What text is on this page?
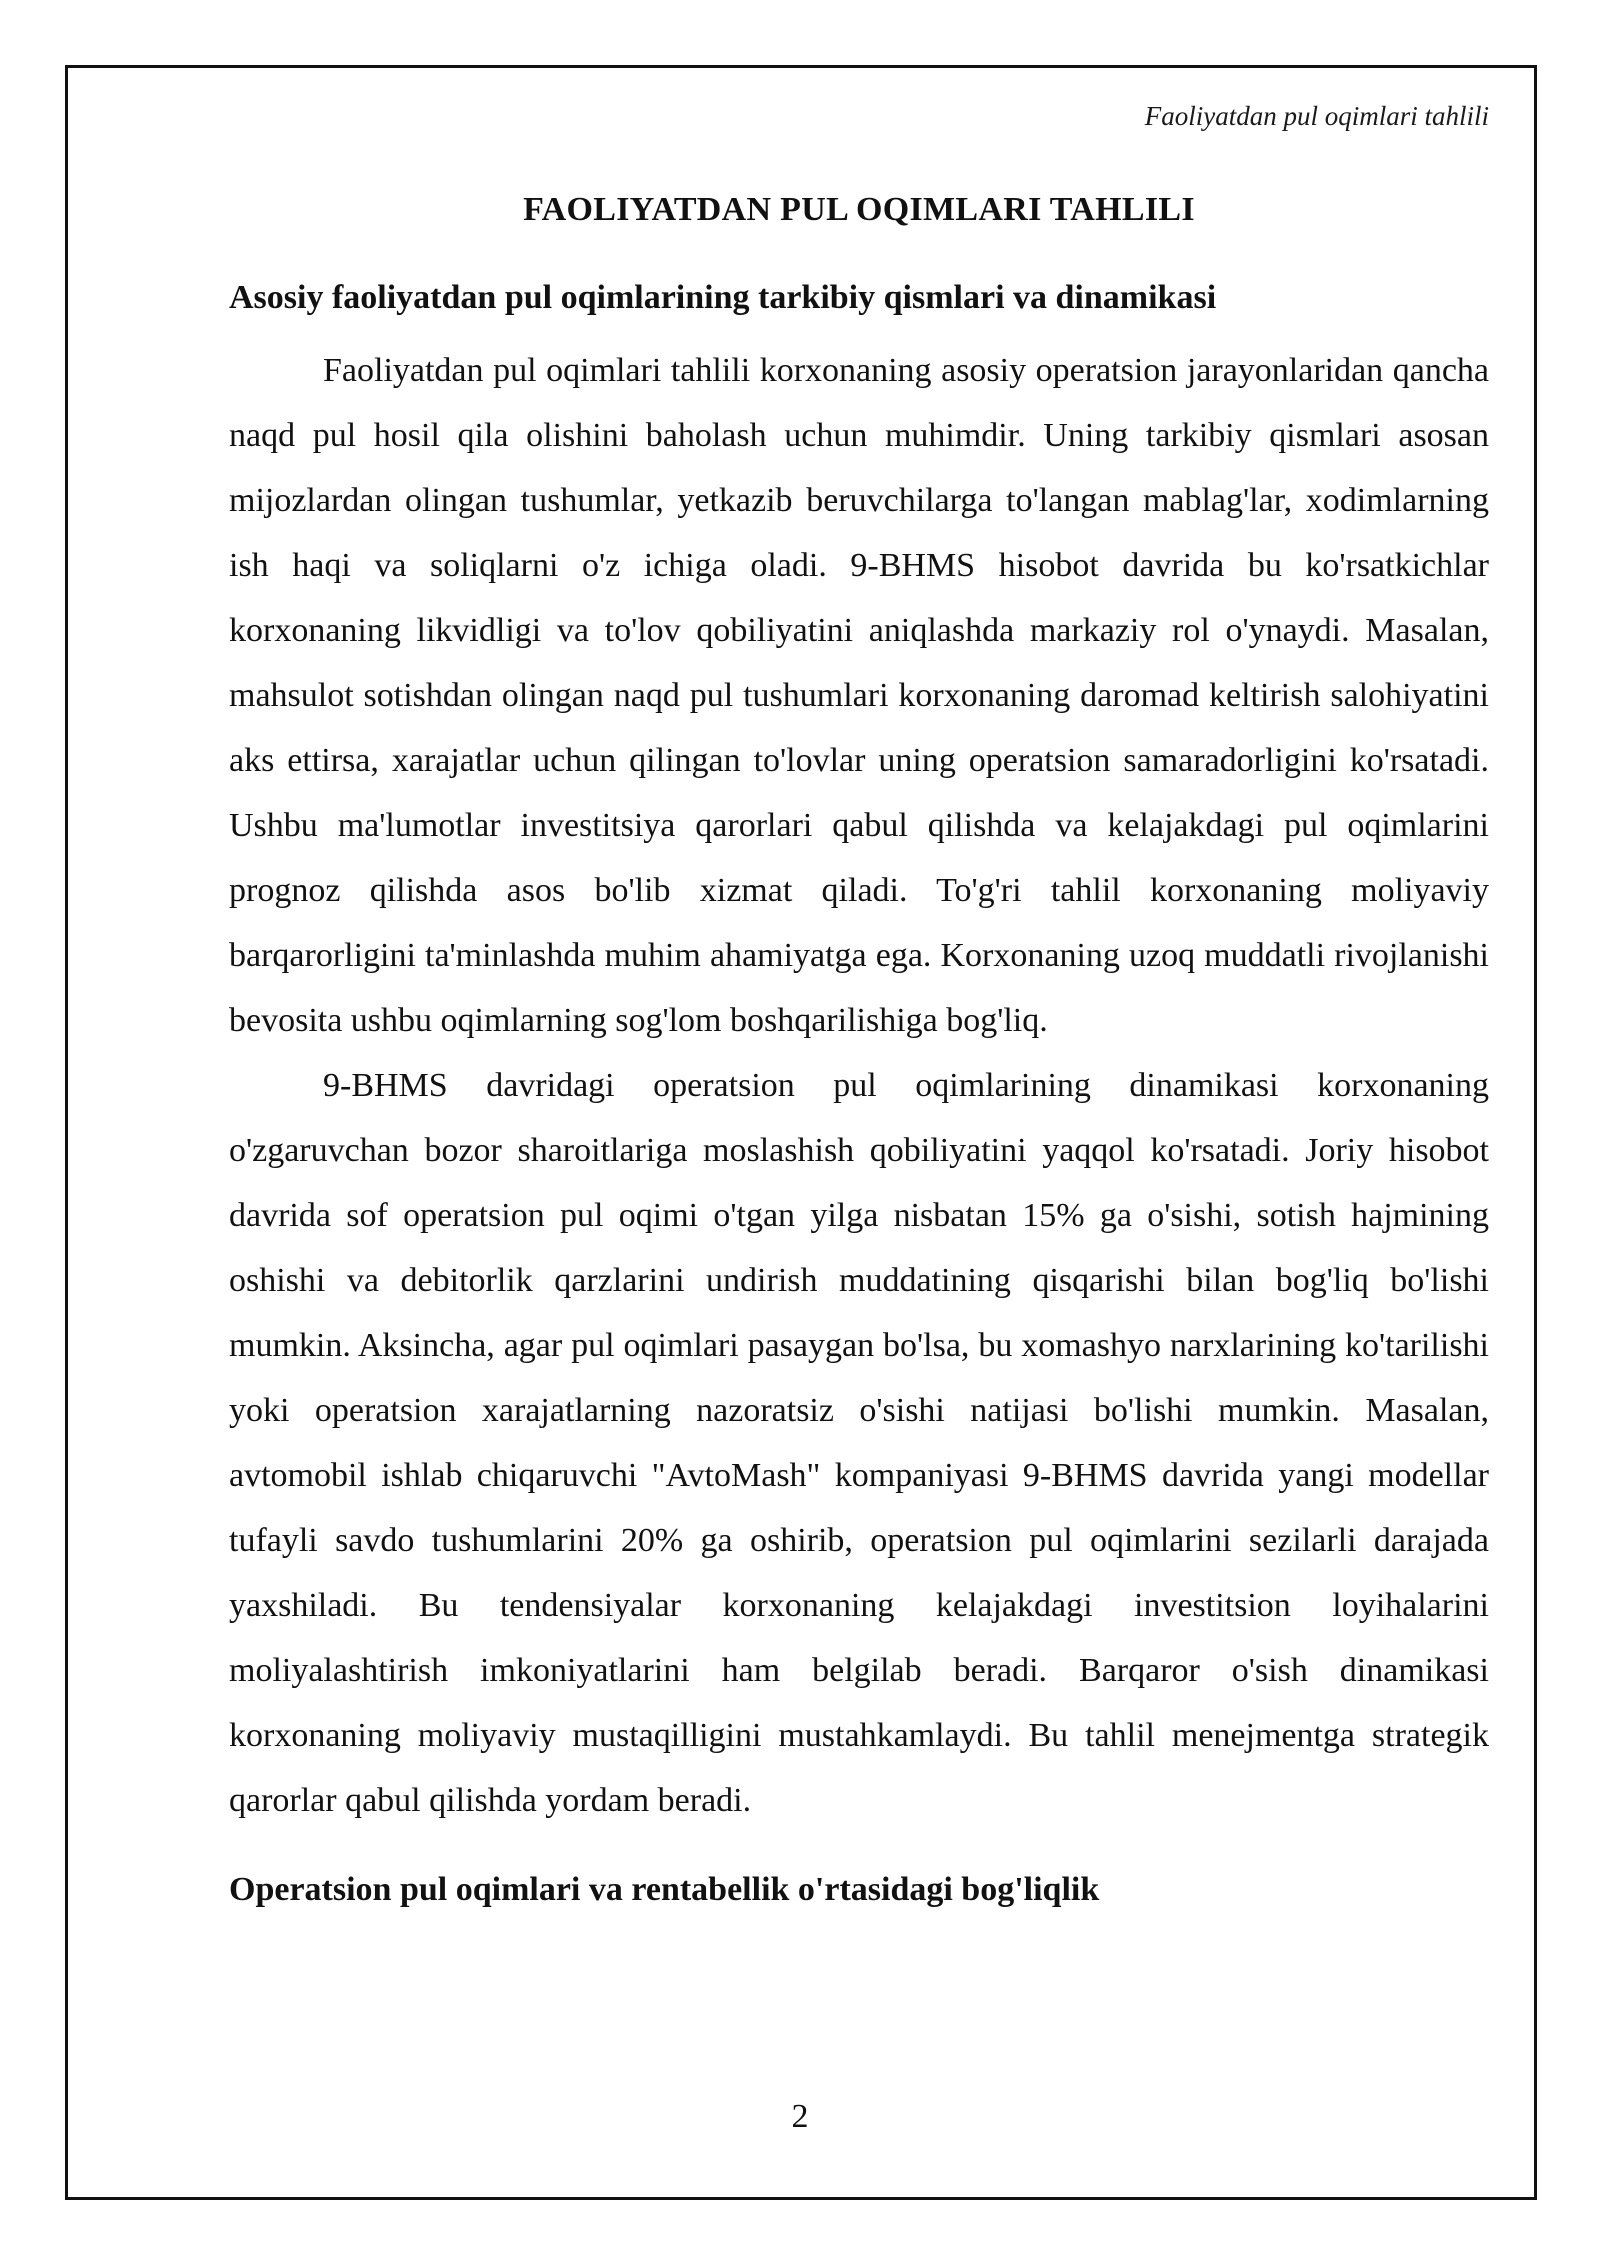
Faoliyatdan pul oqimlari tahlili
FAOLIYATDAN PUL OQIMLARI TAHLILI
Asosiy faoliyatdan pul oqimlarining tarkibiy qismlari va dinamikasi

Faoliyatdan pul oqimlari tahlili korxonaning asosiy operatsion jarayonlaridan qancha naqd pul hosil qila olishini baholash uchun muhimdir. Uning tarkibiy qismlari asosan mijozlardan olingan tushumlar, yetkazib beruvchilarga to'langan mablag'lar, xodimlarning ish haqi va soliqlarni o'z ichiga oladi. 9-BHMS hisobot davrida bu ko'rsatkichlar korxonaning likvidligi va to'lov qobiliyatini aniqlashda markaziy rol o'ynaydi. Masalan, mahsulot sotishdan olingan naqd pul tushumlari korxonaning daromad keltirish salohiyatini aks ettirsa, xarajatlar uchun qilingan to'lovlar uning operatsion samaradorligini ko'rsatadi. Ushbu ma'lumotlar investitsiya qarorlari qabul qilishda va kelajakdagi pul oqimlarini prognoz qilishda asos bo'lib xizmat qiladi. To'g'ri tahlil korxonaning moliyaviy barqarorligini ta'minlashda muhim ahamiyatga ega. Korxonaning uzoq muddatli rivojlanishi bevosita ushbu oqimlarning sog'lom boshqarilishiga bog'liq.

9-BHMS davridagi operatsion pul oqimlarining dinamikasi korxonaning o'zgaruvchan bozor sharoitlariga moslashish qobiliyatini yaqqol ko'rsatadi. Joriy hisobot davrida sof operatsion pul oqimi o'tgan yilga nisbatan 15% ga o'sishi, sotish hajmining oshishi va debitorlik qarzlarini undirish muddatining qisqarishi bilan bog'liq bo'lishi mumkin. Aksincha, agar pul oqimlari pasaygan bo'lsa, bu xomashyo narxlarining ko'tarilishi yoki operatsion xarajatlarning nazoratsiz o'sishi natijasi bo'lishi mumkin. Masalan, avtomobil ishlab chiqaruvchi "AvtoMash" kompaniyasi 9-BHMS davrida yangi modellar tufayli savdo tushumlarini 20% ga oshirib, operatsion pul oqimlarini sezilarli darajada yaxshiladi. Bu tendensiyalar korxonaning kelajakdagi investitsion loyihalarini moliyalashtirish imkoniyatlarini ham belgilab beradi. Barqaror o'sish dinamikasi korxonaning moliyaviy mustaqilligini mustahkamlaydi. Bu tahlil menejmentga strategik qarorlar qabul qilishda yordam beradi.

Operatsion pul oqimlari va rentabellik o'rtasidagi bog'liqlik
2
